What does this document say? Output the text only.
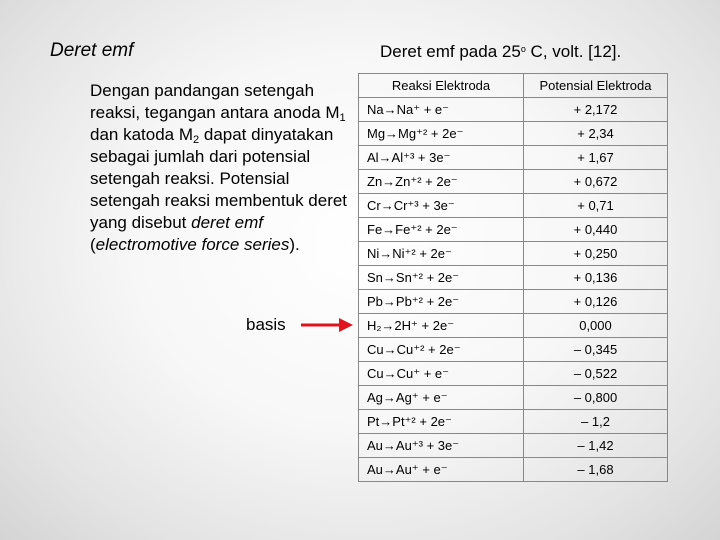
Deret emf
Dengan pandangan setengah reaksi, tegangan antara anoda $M_1$ dan katoda $M_2$ dapat dinyatakan sebagai jumlah dari potensial setengah reaksi. Potensial setengah reaksi membentuk deret yang disebut deret emf (electromotive force series).
basis
Deret emf pada 25$^o$ C, volt. [12].
Reaksi Elektroda	Potensial Elektroda
Na→Na⁺ + e⁻	+ 2,172
Mg→Mg⁺² + 2e⁻	+ 2,34
Al→Al⁺³ + 3e⁻	+ 1,67
Zn→Zn⁺² + 2e⁻	+ 0,672
Cr→Cr⁺³ + 3e⁻	+ 0,71
Fe→Fe⁺² + 2e⁻	+ 0,440
Ni→Ni⁺² + 2e⁻	+ 0,250
Sn→Sn⁺² + 2e⁻	+ 0,136
Pb→Pb⁺² + 2e⁻	+ 0,126
H₂→2H⁺ + 2e⁻	0,000
Cu→Cu⁺² + 2e⁻	– 0,345
Cu→Cu⁺ + e⁻	– 0,522
Ag→Ag⁺ + e⁻	– 0,800
Pt→Pt⁺² + 2e⁻	– 1,2
Au→Au⁺³ + 3e⁻	– 1,42
Au→Au⁺ + e⁻	– 1,68
